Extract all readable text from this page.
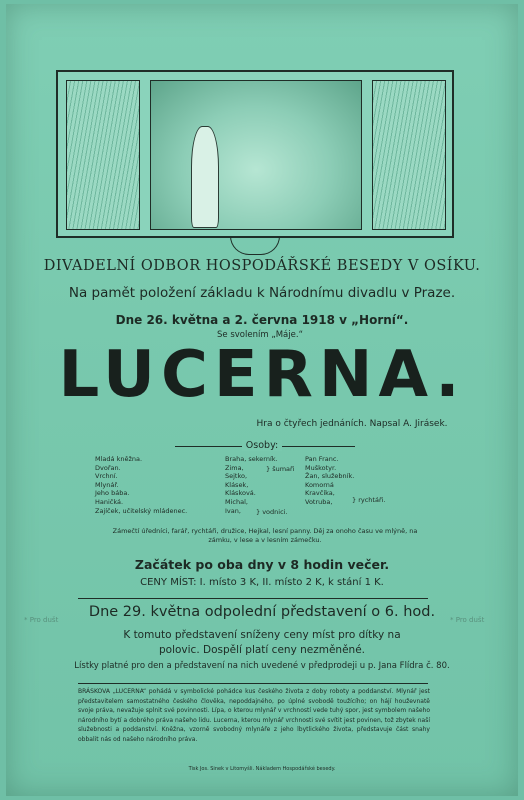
DIVADELNÍ ODBOR HOSPODÁŘSKÉ BESEDY V OSÍKU.
Na pamět položení základu k Národnímu divadlu v Praze.
Dne 26. května a 2. června 1918 v „Horní“.
Se svolením „Máje.“
LUCERNA.
Hra o čtyřech jednáních. Napsal A. Jirásek.
Osoby:
Mladá kněžna.
Dvořan.
Vrchní.
Mlynář.
Jeho bába.
Haničká.
Zajíček, učitelský mládenec.
Braha, sekerník.
Zima,
Sejtko,
Klásek,
Klásková.
Michal,
Ivan,
} šumaři
} vodnici.
Pan Franc.
Muškotyr.
Žan, služebník.
Komorná
Kravčíka,
Votruba,	} rychtáři.
Zámečtí úředníci, farář, rychtáři, družice, Hejkal, lesní panny. Děj za onoho času ve mlýně, na zámku, v lese a v lesním zámečku.
Začátek po oba dny v 8 hodin večer.
CENY MÍST: I. místo 3 K, II. místo 2 K, k stání 1 K.
* Pro dušt	* Pro dušt
Dne 29. května odpolední představení o 6. hod.
K tomuto představení sníženy ceny míst pro dítky na polovic. Dospělí platí ceny nezměněné.
Lístky platné pro den a představení na nich uvedené v předprodeji u p. Jana Flídra č. 80.
BRÁSKOVA „LUCERNA“ pohádá v symbolické pohádce kus českého života z doby roboty a poddanství. Mlynář jest představitelem samostatného českého člověka, nepoddajného, po úplné svobodě toužícího; on hájí houževnatě svoje práva, nevažuje splnit své povinnosti. Lípa, o kterou mlynář v vrchností vede tuhý spor, jest symbolem našeho národního bytí a dobrého práva našeho lidu. Lucerna, kterou mlynář vrchnosti své svítit jest povinen, tož zbytek naší služebnosti a poddanství. Kněžna, vzorně svobodný mlynáře z jeho lbytlického života, představuje část snahy obbalit nás od našeho národního práva.
Tisk Jos. Sinek v Litomyšli. Nákladem Hospodářské besedy.
